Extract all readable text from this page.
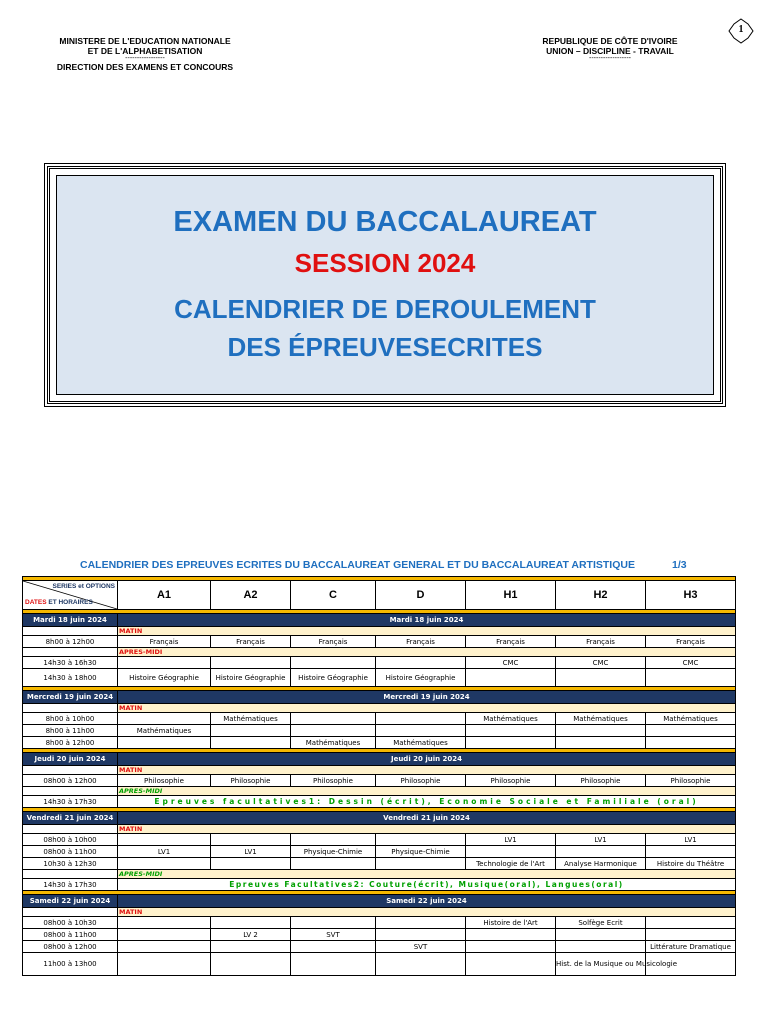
MINISTERE DE L'EDUCATION NATIONALE
ET DE L'ALPHABETISATION
-----------------
DIRECTION DES EXAMENS ET CONCOURS
REPUBLIQUE DE CÔTE D'IVOIRE
UNION – DISCIPLINE - TRAVAIL
------------------
1
EXAMEN DU BACCALAUREAT
SESSION 2024
CALENDRIER DE DEROULEMENT
DES ÉPREUVESECRITES
CALENDRIER DES EPREUVES ECRITES DU BACCALAUREAT GENERAL ET DU BACCALAUREAT ARTISTIQUE	1/3

SERIES et OPTIONS
DATES ET HORAIRES	A1	A2	C	D	H1	H2	H3

Mardi 18 juin 2024	Mardi 18 juin 2024						
	MATIN						
8h00 à 12h00	Français	Français	Français	Français	Français	Français	Français
	APRES-MIDI						
14h30 à 16h30					CMC	CMC	CMC
14h30 à 18h00	Histoire Géographie	Histoire Géographie	Histoire Géographie	Histoire Géographie			

Mercredi 19 juin 2024	Mercredi 19 juin 2024						
	MATIN						
8h00 à 10h00		Mathématiques			Mathématiques	Mathématiques	Mathématiques
8h00 à 11h00	Mathématiques						
8h00 à 12h00			Mathématiques	Mathématiques			

Jeudi 20 juin 2024	Jeudi 20 juin 2024						
	MATIN						
08h00 à 12h00	Philosophie	Philosophie	Philosophie	Philosophie	Philosophie	Philosophie	Philosophie
	APRES-MIDI						
14h30 à 17h30	Epreuves facultatives1: Dessin (écrit), Economie Sociale et Familiale (oral)						

Vendredi 21 juin 2024	Vendredi 21 juin 2024						
	MATIN						
08h00 à 10h00					LV1	LV1	LV1
08h00 à 11h00	LV1	LV1	Physique-Chimie	Physique-Chimie			
10h30 à 12h30					Technologie de l'Art	Analyse Harmonique	Histoire du Théâtre
	APRES-MIDI						
14h30 à 17h30	Epreuves Facultatives2: Couture(écrit), Musique(oral), Langues(oral)						

Samedi 22 juin 2024	Samedi 22 juin 2024						
	MATIN						
08h00 à 10h30					Histoire de l'Art	Solfège Ecrit	
08h00 à 11h00		LV 2	SVT				
08h00 à 12h00				SVT			Littérature Dramatique
11h00 à 13h00						Hist. de la Musique ou Musicologie	
